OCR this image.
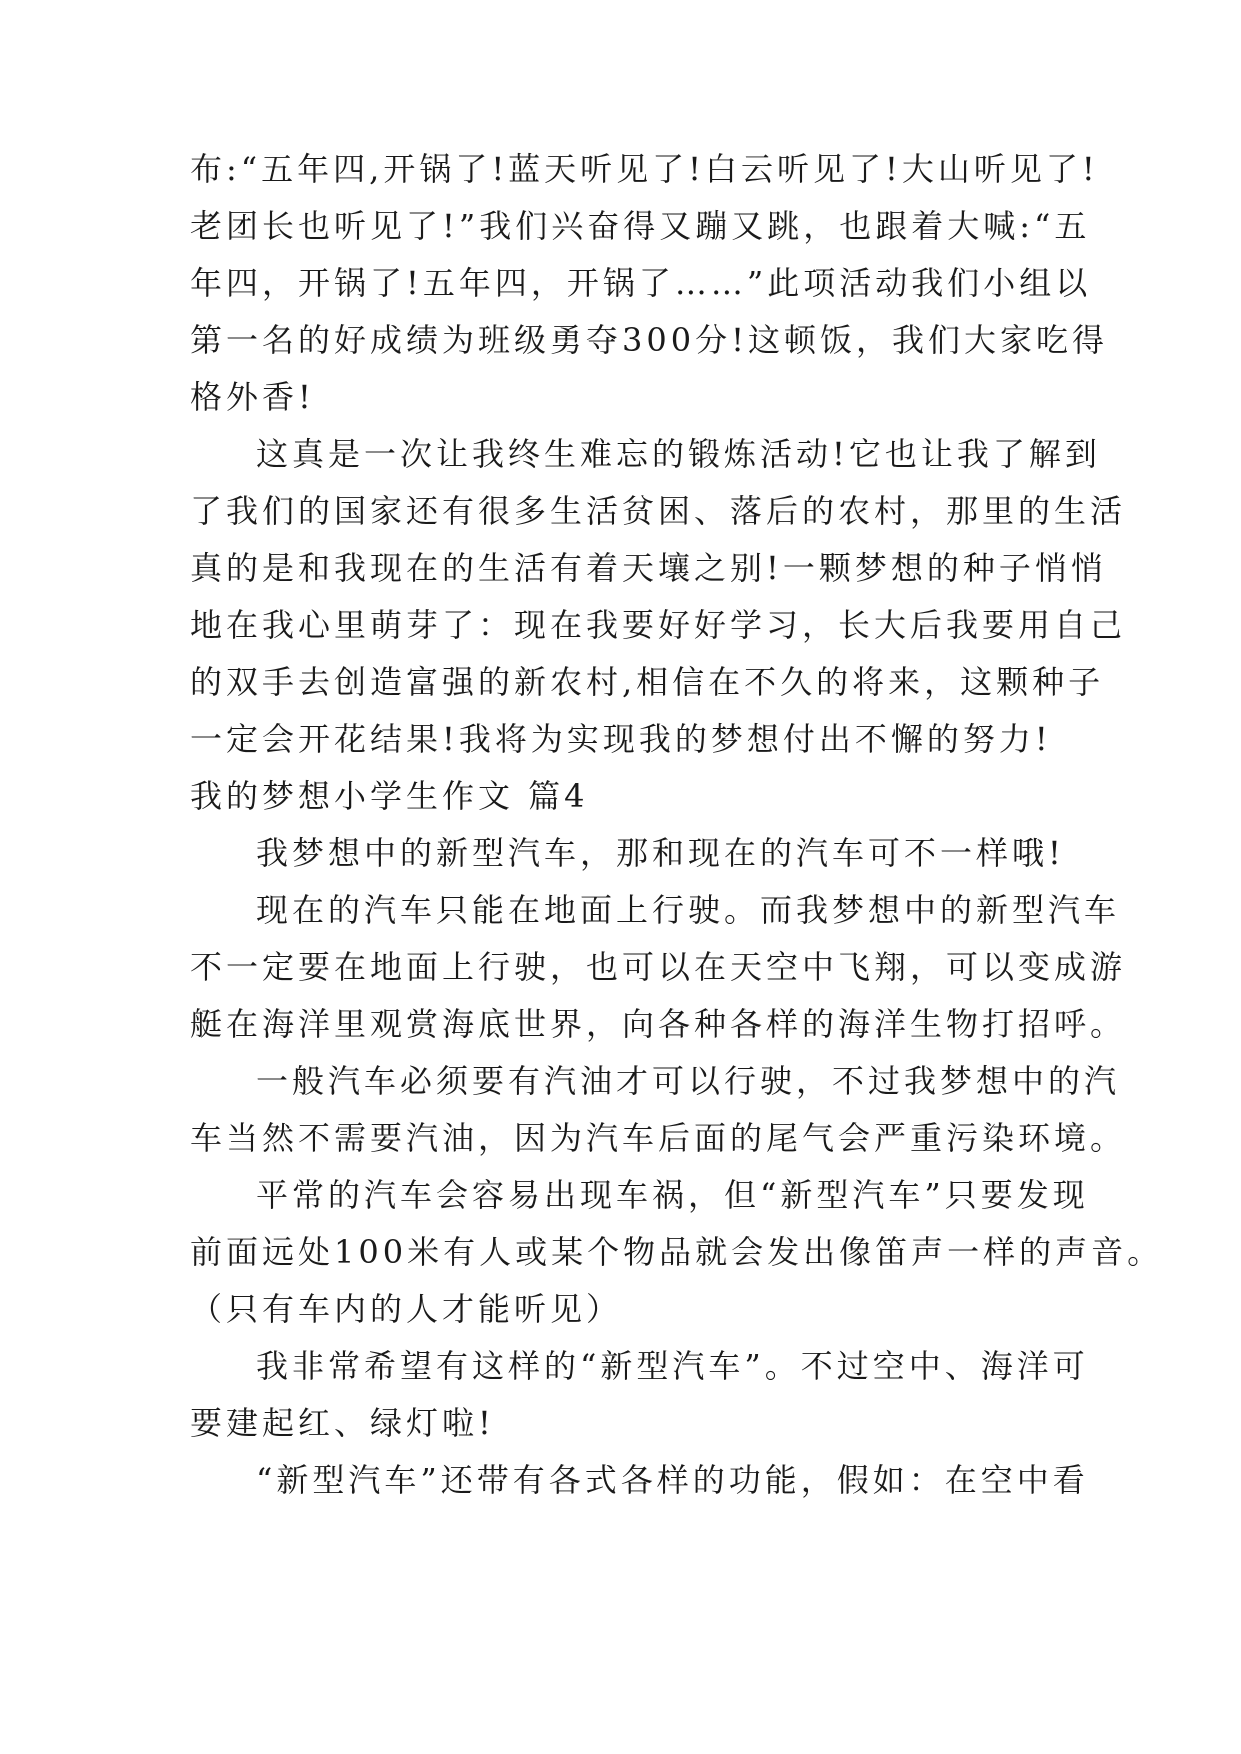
布:“五年四,开锅了!蓝天听见了!白云听见了!大山听见了!
老团长也听见了!”我们兴奋得又蹦又跳，也跟着大喊:“五
年四，开锅了!五年四，开锅了……”此项活动我们小组以
第一名的好成绩为班级勇夺300分!这顿饭，我们大家吃得
格外香!
这真是一次让我终生难忘的锻炼活动!它也让我了解到
了我们的国家还有很多生活贫困、落后的农村，那里的生活
真的是和我现在的生活有着天壤之别!一颗梦想的种子悄悄
地在我心里萌芽了：现在我要好好学习，长大后我要用自己
的双手去创造富强的新农村,相信在不久的将来，这颗种子
一定会开花结果!我将为实现我的梦想付出不懈的努力!
我的梦想小学生作文 篇4
我梦想中的新型汽车，那和现在的汽车可不一样哦!
现在的汽车只能在地面上行驶。而我梦想中的新型汽车
不一定要在地面上行驶，也可以在天空中飞翔，可以变成游
艇在海洋里观赏海底世界，向各种各样的海洋生物打招呼。
一般汽车必须要有汽油才可以行驶，不过我梦想中的汽
车当然不需要汽油，因为汽车后面的尾气会严重污染环境。
平常的汽车会容易出现车祸，但“新型汽车”只要发现
前面远处100米有人或某个物品就会发出像笛声一样的声音。
（只有车内的人才能听见）
我非常希望有这样的“新型汽车”。不过空中、海洋可
要建起红、绿灯啦!
“新型汽车”还带有各式各样的功能，假如：在空中看
